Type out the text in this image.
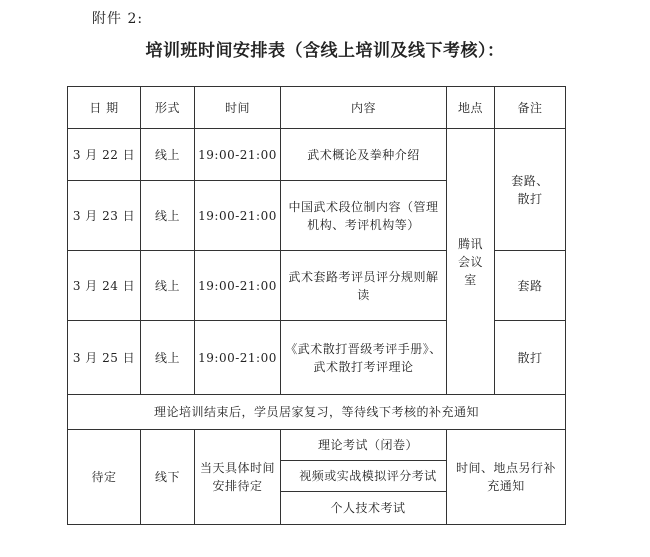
附件 2:
培训班时间安排表（含线上培训及线下考核）：
日 期	形式	时间	内容	地点	备注
3 月 22 日	线上	19:00-21:00	武术概论及拳种介绍	腾讯会议室	套路、散打
3 月 23 日	线上	19:00-21:00	中国武术段位制内容（管理机构、考评机构等）		
3 月 24 日	线上	19:00-21:00	武术套路考评员评分规则解读		套路
3 月 25 日	线上	19:00-21:00	《武术散打晋级考评手册》、武术散打考评理论		散打
理论培训结束后，学员居家复习，等待线下考核的补充通知					
待定	线下	当天具体时间安排待定	理论考试（闭卷）	时间、地点另行补充通知	
			视频或实战模拟评分考试		
			个人技术考试		
